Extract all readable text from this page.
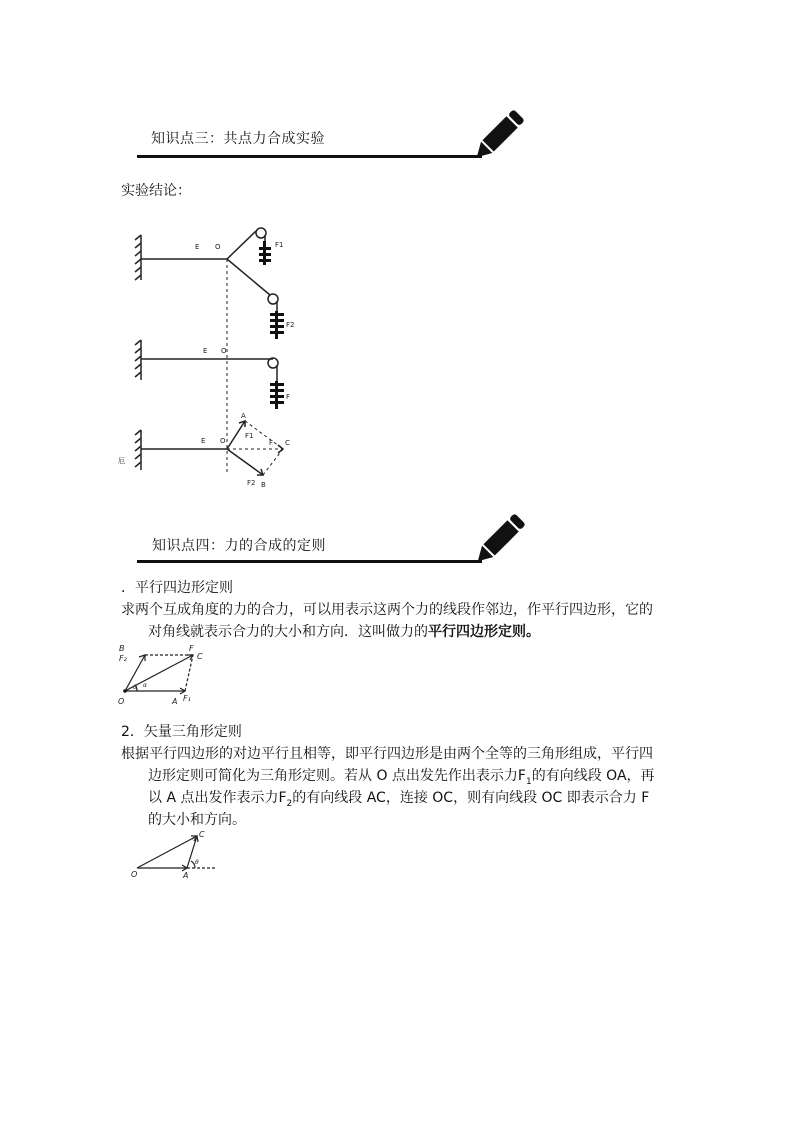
知识点三：共点力合成实验
实验结论：
E O	F1
F2
E O
F
E O
A
F1
F C
F2 B
厄
知识点四：力的合成的定则
．平行四边形定则
求两个互成角度的力的合力，可以用表示这两个力的线段作邻边，作平行四边形，它的
对角线就表示合力的大小和方向．这叫做力的平行四边形定则。
O	A F₁
F₂
B	F
C
θ α
2．矢量三角形定则
根据平行四边形的对边平行且相等，即平行四边形是由两个全等的三角形组成，平行四
边形定则可简化为三角形定则。若从 O 点出发先作出表示力$F_1$的有向线段 OA，再
以 A 点出发作表示力$F_2$的有向线段 AC，连接 OC，则有向线段 OC 即表示合力 F
的大小和方向。
O	A
C
θ
